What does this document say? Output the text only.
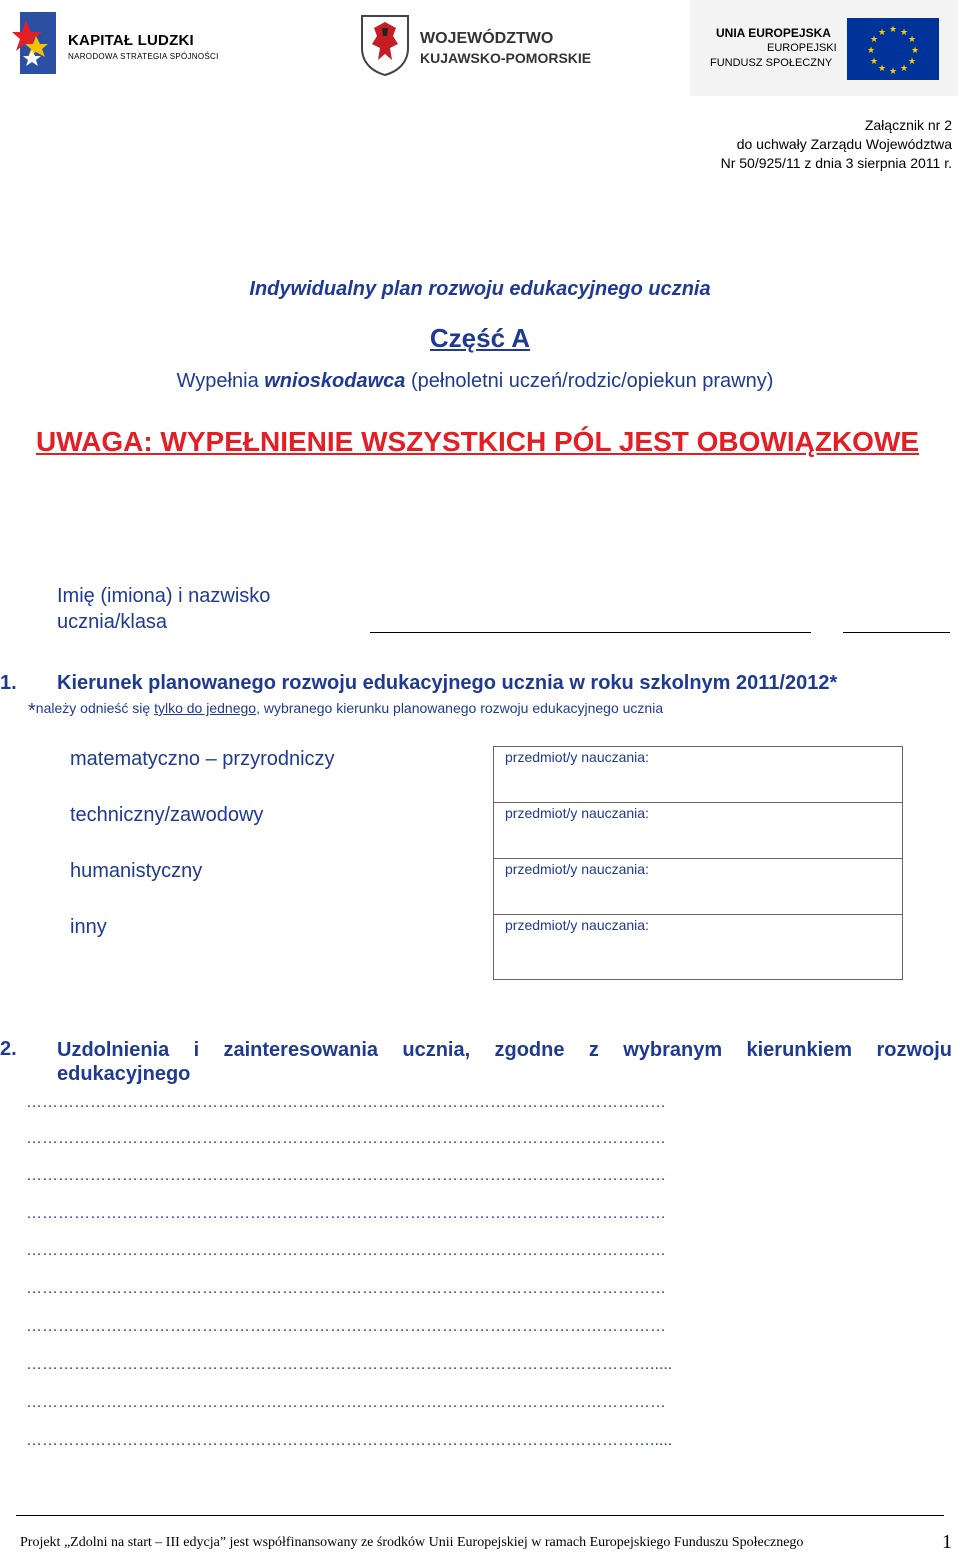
KAPITAŁ LUDZKI
NARODOWA STRATEGIA SPÓJNOŚCI
WOJEWÓDZTWO
KUJAWSKO-POMORSKIE
UNIA EUROPEJSKA
EUROPEJSKI
FUNDUSZ SPOŁECZNY
★ ★
★
★
★
★
★
★
★
★
★
★
Załącznik nr 2
do uchwały Zarządu Województwa
Nr 50/925/11 z dnia 3 sierpnia 2011 r.
Indywidualny plan rozwoju edukacyjnego ucznia
Część A
Wypełnia wnioskodawca (pełnoletni uczeń/rodzic/opiekun prawny)
UWAGA: WYPEŁNIENIE WSZYSTKICH PÓL JEST OBOWIĄZKOWE
Imię (imiona) i nazwisko
ucznia/klasa
1. Kierunek planowanego rozwoju edukacyjnego ucznia w roku szkolnym 2011/2012*
*należy odnieść się tylko do jednego, wybranego kierunku planowanego rozwoju edukacyjnego ucznia
matematyczno – przyrodniczy
techniczny/zawodowy
humanistyczny
inny
przedmiot/y nauczania:
przedmiot/y nauczania:
przedmiot/y nauczania:
przedmiot/y nauczania:
2. Uzdolnienia i zainteresowania ucznia, zgodne z wybranym kierunkiem rozwoju
edukacyjnego
…………………………………………………………………………………………………………
…………………………………………………………………………………………………………
…………………………………………………………………………………………………………
…………………………………………………………………………………………………………
…………………………………………………………………………………………………………
…………………………………………………………………………………………………………
…………………………………………………………………………………………………………
……………………………………………………………………………………………………….....
…………………………………………………………………………………………………………
……………………………………………………………………………………………………….....
Projekt „Zdolni na start – III edycja” jest współfinansowany ze środków Unii Europejskiej w ramach Europejskiego Funduszu Społecznego	1
